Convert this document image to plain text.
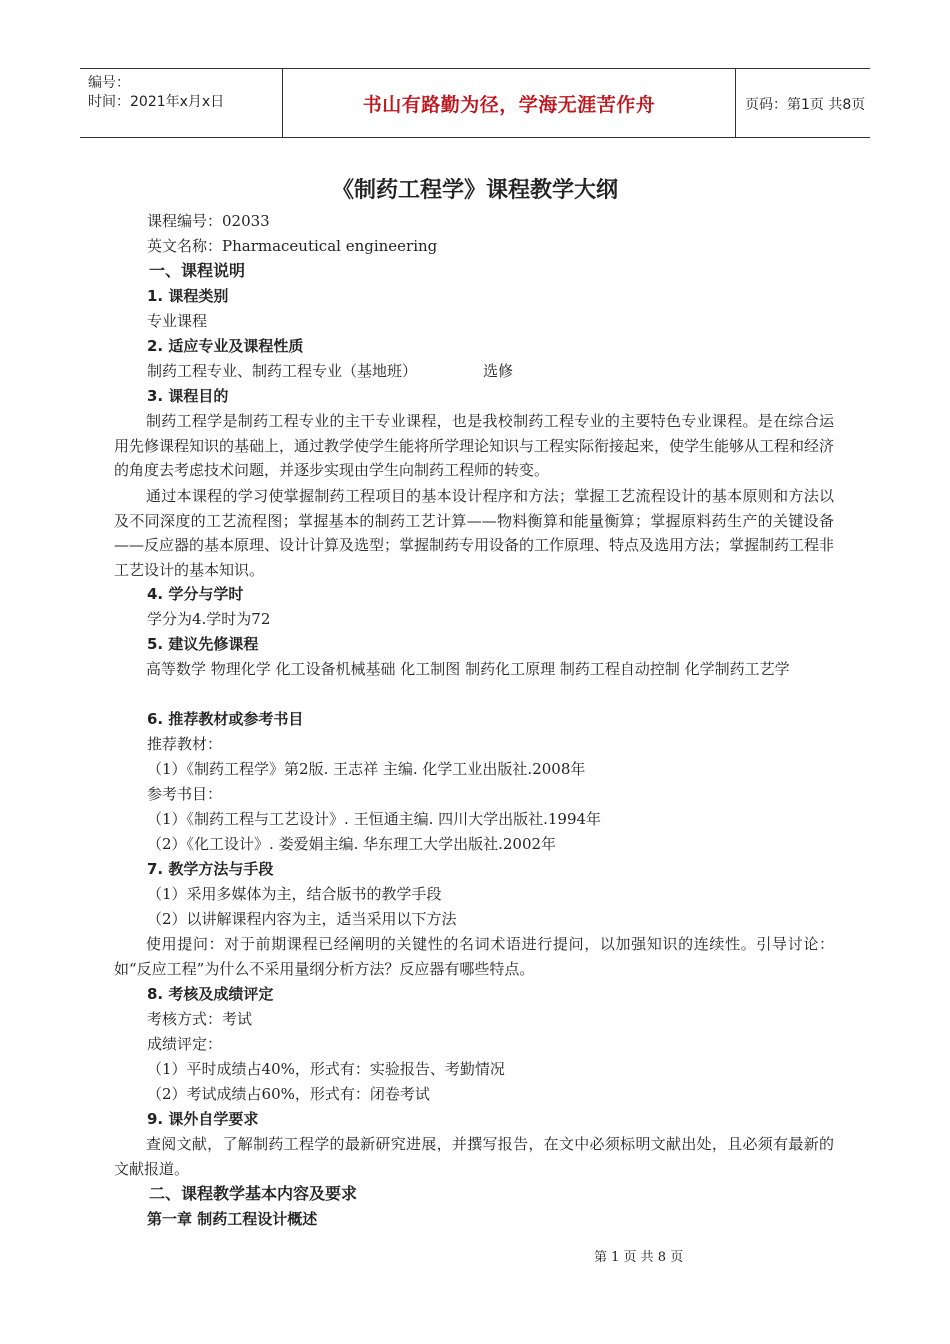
编号：
时间：2021年x月x日	书山有路勤为径，学海无涯苦作舟	页码：第1页 共8页
《制药工程学》课程教学大纲
课程编号：02033
英文名称：Pharmaceutical engineering
一、课程说明
1. 课程类别
专业课程
2. 适应专业及课程性质
制药工程专业、制药工程专业（基地班）	选修
3. 课程目的
制药工程学是制药工程专业的主干专业课程，也是我校制药工程专业的主要特色专业课程。是在综合运用先修课程知识的基础上，通过教学使学生能将所学理论知识与工程实际衔接起来，使学生能够从工程和经济的角度去考虑技术问题，并逐步实现由学生向制药工程师的转变。
通过本课程的学习使掌握制药工程项目的基本设计程序和方法；掌握工艺流程设计的基本原则和方法以及不同深度的工艺流程图；掌握基本的制药工艺计算——物料衡算和能量衡算；掌握原料药生产的关键设备——反应器的基本原理、设计计算及选型；掌握制药专用设备的工作原理、特点及选用方法；掌握制药工程非工艺设计的基本知识。
4. 学分与学时
学分为4.学时为72
5. 建议先修课程
高等数学 物理化学 化工设备机械基础 化工制图 制药化工原理 制药工程自动控制 化学制药工艺学
6. 推荐教材或参考书目
推荐教材：
（1）《制药工程学》第2版. 王志祥 主编. 化学工业出版社.2008年
参考书目：
（1）《制药工程与工艺设计》. 王恒通主编. 四川大学出版社.1994年
（2）《化工设计》. 娄爱娟主编. 华东理工大学出版社.2002年
7. 教学方法与手段
（1）采用多媒体为主，结合版书的教学手段
（2）以讲解课程内容为主，适当采用以下方法
使用提问：对于前期课程已经阐明的关键性的名词术语进行提问，以加强知识的连续性。引导讨论：如“反应工程”为什么不采用量纲分析方法？反应器有哪些特点。
8. 考核及成绩评定
考核方式：考试
成绩评定：
（1）平时成绩占40%，形式有：实验报告、考勤情况
（2）考试成绩占60%，形式有：闭卷考试
9. 课外自学要求
查阅文献，了解制药工程学的最新研究进展，并撰写报告，在文中必须标明文献出处，且必须有最新的文献报道。
二、课程教学基本内容及要求
第一章 制药工程设计概述
第 1 页 共 8 页
